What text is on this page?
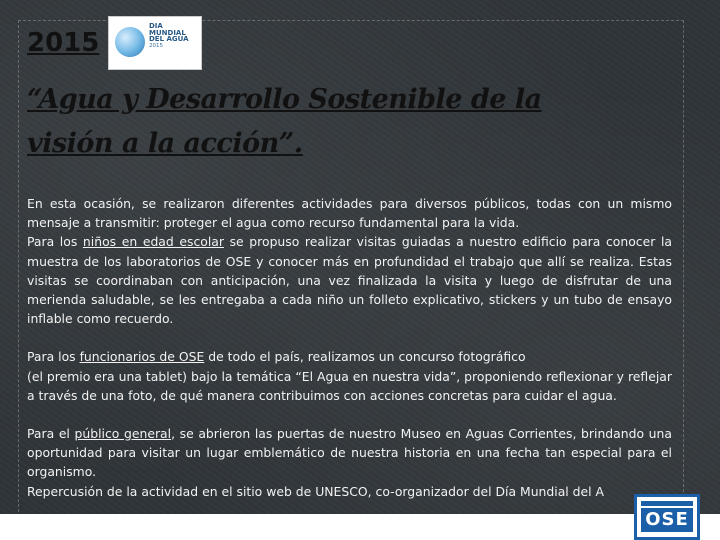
2015
DIA MUNDIAL
DEL AGUA
2015
“Agua y Desarrollo Sostenible de la
visión a la acción”.

En esta ocasión, se realizaron diferentes actividades para diversos públicos, todas con un mismo mensaje a transmitir: proteger el agua como recurso fundamental para la vida.

Para los niños en edad escolar se propuso realizar visitas guiadas a nuestro edificio para conocer la muestra de los laboratorios de OSE y conocer más en profundidad el trabajo que allí se realiza. Estas visitas se coordinaban con anticipación, una vez finalizada la visita y luego de disfrutar de una merienda saludable, se les entregaba a cada niño un folleto explicativo, stickers y un tubo de ensayo inflable como recuerdo.

Para los funcionarios de OSE de todo el país, realizamos un concurso fotográfico

(el premio era una tablet) bajo la temática “El Agua en nuestra vida”, proponiendo reflexionar y reflejar a través de una foto, de qué manera contribuimos con acciones concretas para cuidar el agua.

Para el público general, se abrieron las puertas de nuestro Museo en Aguas Corrientes, brindando una oportunidad para visitar un lugar emblemático de nuestra historia en una fecha tan especial para el organismo.

Repercusión de la actividad en el sitio web de UNESCO, co-organizador del Día Mundial del A

OSE
